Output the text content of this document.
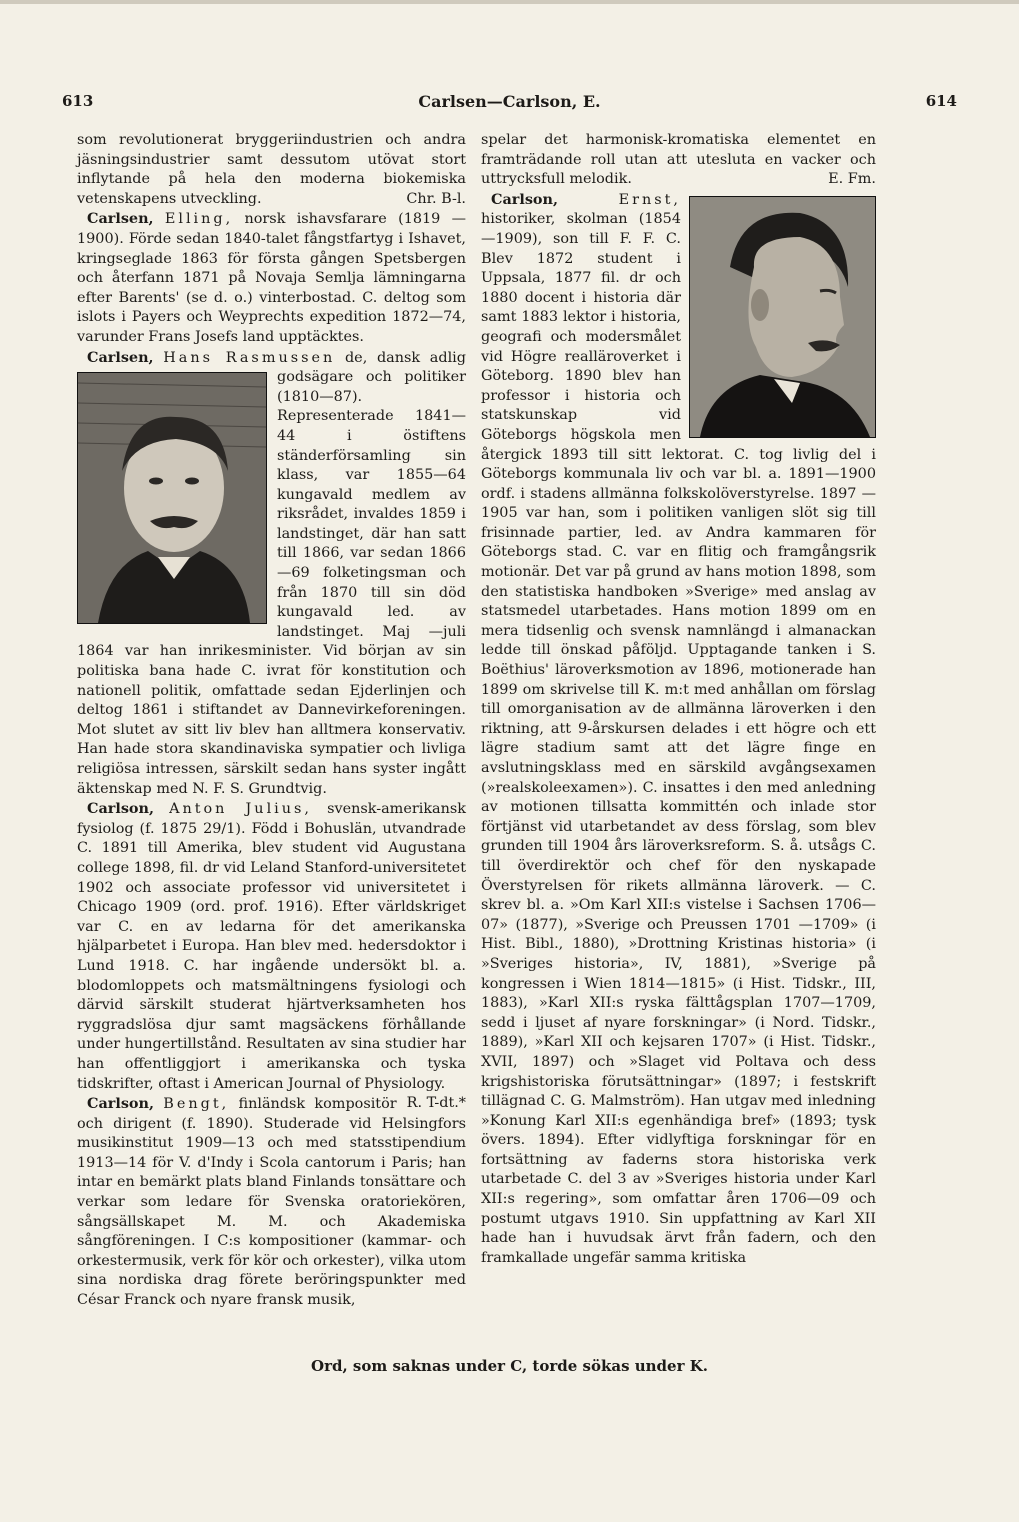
613	Carlsen—Carlson, E.	614

som revolutionerat bryggeriindustrien och andra jäsningsindustrier samt dessutom utövat stort inflytande på hela den moderna biokemiska vetenskapens utveckling.	Chr. B-l.

Carlsen, Elling, norsk ishavsfarare (1819 —1900). Förde sedan 1840-talet fångstfartyg i Ishavet, kringseglade 1863 för första gången Spetsbergen och återfann 1871 på Novaja Semlja lämningarna efter Barents' (se d. o.) vinterbostad. C. deltog som islots i Payers och Weyprechts expedition 1872—74, varunder Frans Josefs land upptäcktes.

Carlsen, Hans Rasmussen de, dansk adlig godsägare och politiker (1810—87). Representerade 1841—44 i östiftens ständerförsamling sin klass, var 1855—64 kungavald medlem av riksrådet, invaldes 1859 i landstinget, där han satt till 1866, var sedan 1866—69 folketingsman och från 1870 till sin död kungavald led. av landstinget. Maj —juli 1864 var han inrikesminister. Vid början av sin politiska bana hade C. ivrat för konstitution och nationell politik, omfattade sedan Ejderlinjen och deltog 1861 i stiftandet av Dannevirkeforeningen. Mot slutet av sitt liv blev han alltmera konservativ. Han hade stora skandinaviska sympatier och livliga religiösa intressen, särskilt sedan hans syster ingått äktenskap med N. F. S. Grundtvig.

Carlson, Anton Julius, svensk-amerikansk fysiolog (f. 1875 29/1). Född i Bohuslän, utvandrade C. 1891 till Amerika, blev student vid Augustana college 1898, fil. dr vid Leland Stanford-universitetet 1902 och associate professor vid universitetet i Chicago 1909 (ord. prof. 1916). Efter världskriget var C. en av ledarna för det amerikanska hjälparbetet i Europa. Han blev med. hedersdoktor i Lund 1918. C. har ingående undersökt bl. a. blodomloppets och matsmältningens fysiologi och därvid särskilt studerat hjärtverksamheten hos ryggradslösa djur samt magsäckens förhållande under hungertillstånd. Resultaten av sina studier har han offentliggjort i amerikanska och tyska tidskrifter, oftast i American Journal of Physiology.
R. T-dt.*

Carlson, Bengt, finländsk kompositör och dirigent (f. 1890). Studerade vid Helsingfors musikinstitut 1909—13 och med statsstipendium 1913—14 för V. d'Indy i Scola cantorum i Paris; han intar en bemärkt plats bland Finlands tonsättare och verkar som ledare för Svenska oratoriekören, sångsällskapet M. M. och Akademiska sångföreningen. I C:s kompositioner (kammar- och orkestermusik, verk för kör och orkester), vilka utom sina nordiska drag förete beröringspunkter med César Franck och nyare fransk musik,

spelar det harmonisk-kromatiska elementet en framträdande roll utan att utesluta en vacker och uttrycksfull melodik.	E. Fm.

Carlson,	Ernst,
historiker, skolman (1854 —1909), son till F. F. C. Blev 1872 student i Uppsala, 1877 fil. dr och 1880 docent i historia där samt 1883 lektor i historia, geografi och modersmålet vid Högre realläroverket i Göteborg. 1890 blev han professor i historia och statskunskap vid Göteborgs högskola men återgick 1893 till sitt lektorat. C. tog livlig del i Göteborgs kommunala liv och var bl. a. 1891—1900 ordf. i stadens allmänna folkskolöverstyrelse. 1897 —1905 var han, som i politiken vanligen slöt sig till frisinnade partier, led. av Andra kammaren för Göteborgs stad. C. var en flitig och framgångsrik motionär. Det var på grund av hans motion 1898, som den statistiska handboken »Sverige» med anslag av statsmedel utarbetades. Hans motion 1899 om en mera tidsenlig och svensk namnlängd i almanackan ledde till önskad påföljd. Upptagande tanken i S. Boëthius' läroverksmotion av 1896, motionerade han 1899 om skrivelse till K. m:t med anhållan om förslag till omorganisation av de allmänna läroverken i den riktning, att 9-årskursen delades i ett högre och ett lägre stadium samt att det lägre finge en avslutningsklass med en särskild avgångsexamen (»realskoleexamen»). C. insattes i den med anledning av motionen tillsatta kommittén och inlade stor förtjänst vid utarbetandet av dess förslag, som blev grunden till 1904 års läroverksreform. S. å. utsågs C. till överdirektör och chef för den nyskapade Överstyrelsen för rikets allmänna läroverk. — C. skrev bl. a. »Om Karl XII:s vistelse i Sachsen 1706—07» (1877), »Sverige och Preussen 1701 —1709» (i Hist. Bibl., 1880), »Drottning Kristinas historia» (i »Sveriges historia», IV, 1881), »Sverige på kongressen i Wien 1814—1815» (i Hist. Tidskr., III, 1883), »Karl XII:s ryska fälttågsplan 1707—1709, sedd i ljuset af nyare forskningar» (i Nord. Tidskr., 1889), »Karl XII och kejsaren 1707» (i Hist. Tidskr., XVII, 1897) och »Slaget vid Poltava och dess krigshistoriska förutsättningar» (1897; i festskrift tillägnad C. G. Malmström). Han utgav med inledning »Konung Karl XII:s egenhändiga bref» (1893; tysk övers. 1894). Efter vidlyftiga forskningar för en fortsättning av faderns stora historiska verk utarbetade C. del 3 av »Sveriges historia under Karl XII:s regering», som omfattar åren 1706—09 och postumt utgavs 1910. Sin uppfattning av Karl XII hade han i huvudsak ärvt från fadern, och den framkallade ungefär samma kritiska

Ord, som saknas under C, torde sökas under K.
